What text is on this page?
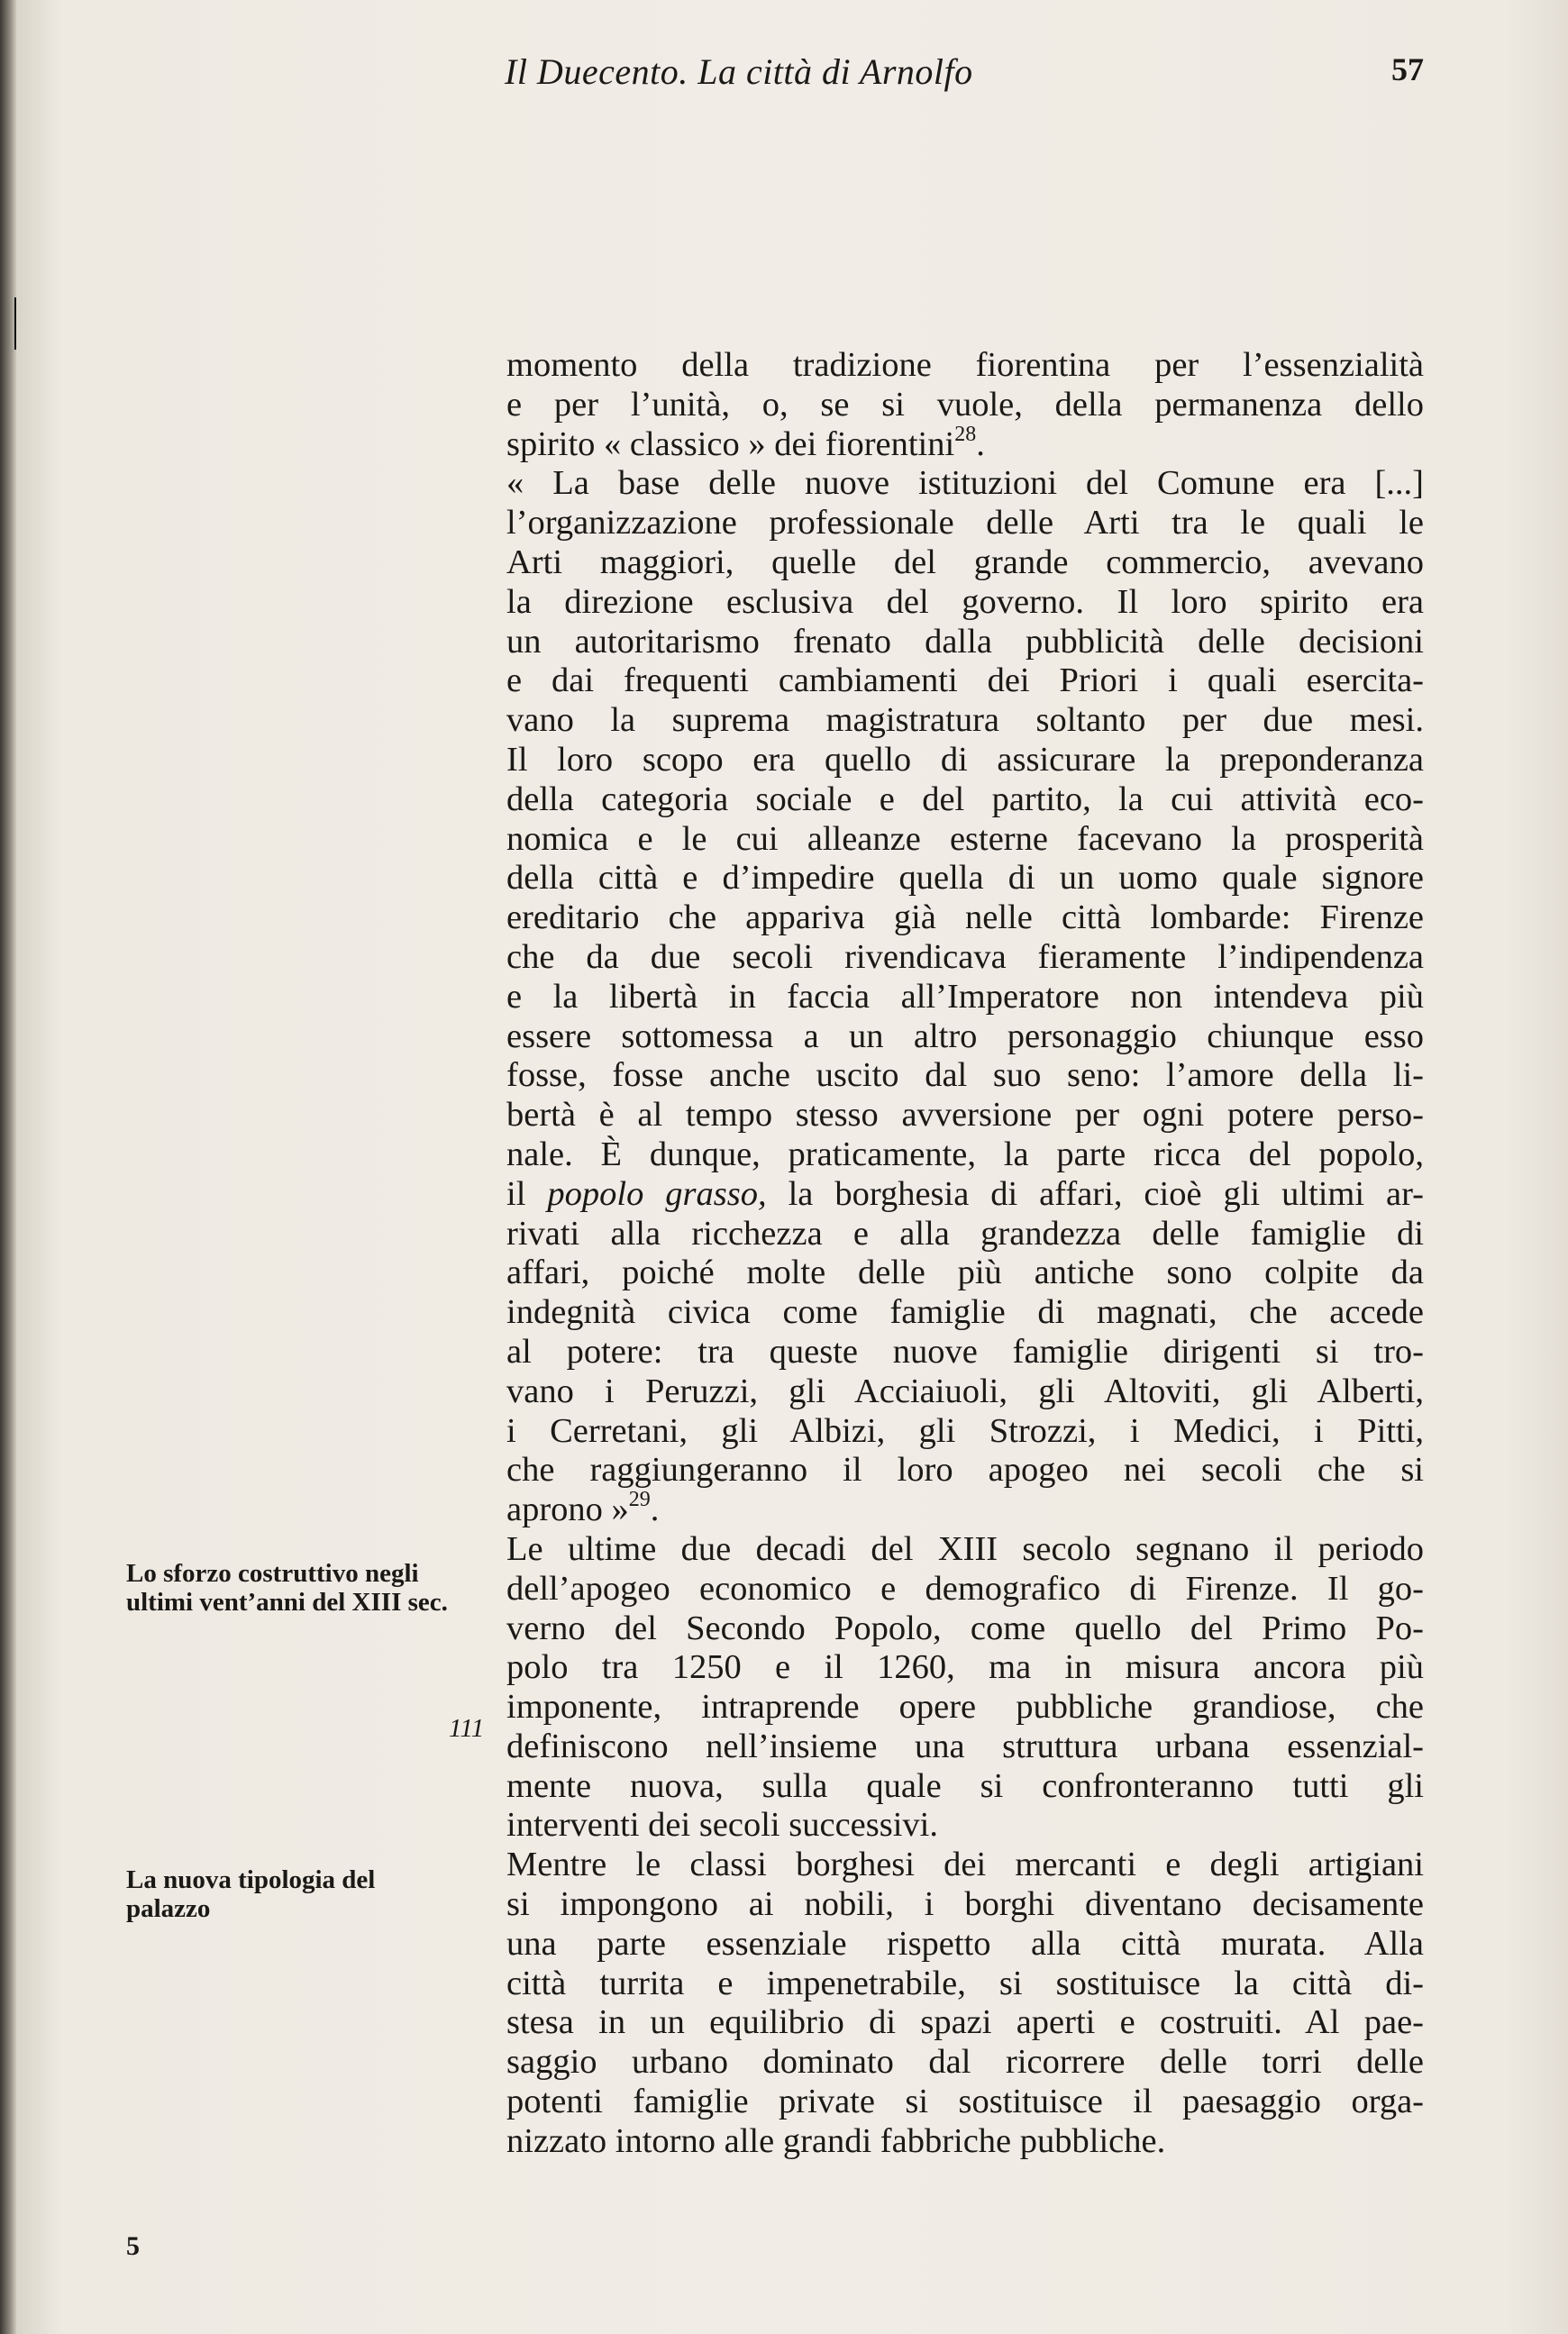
Il Duecento. La città di Arnolfo	57
Lo sforzo costruttivo negli ultimi vent’anni del XIII sec.
La nuova tipologia del palazzo
111
momento della tradizione fiorentina per l’essenzialità
e per l’unità, o, se si vuole, della permanenza dello
spirito « classico » dei fiorentini$^{28}$.
« La base delle nuove istituzioni del Comune era [...]
l’organizzazione professionale delle Arti tra le quali le
Arti maggiori, quelle del grande commercio, avevano
la direzione esclusiva del governo. Il loro spirito era
un autoritarismo frenato dalla pubblicità delle decisioni
e dai frequenti cambiamenti dei Priori i quali esercita-
vano la suprema magistratura soltanto per due mesi.
Il loro scopo era quello di assicurare la preponderanza
della categoria sociale e del partito, la cui attività eco-
nomica e le cui alleanze esterne facevano la prosperità
della città e d’impedire quella di un uomo quale signore
ereditario che appariva già nelle città lombarde: Firenze
che da due secoli rivendicava fieramente l’indipendenza
e la libertà in faccia all’Imperatore non intendeva più
essere sottomessa a un altro personaggio chiunque esso
fosse, fosse anche uscito dal suo seno: l’amore della li-
bertà è al tempo stesso avversione per ogni potere perso-
nale. È dunque, praticamente, la parte ricca del popolo,
il popolo grasso, la borghesia di affari, cioè gli ultimi ar-
rivati alla ricchezza e alla grandezza delle famiglie di
affari, poiché molte delle più antiche sono colpite da
indegnità civica come famiglie di magnati, che accede
al potere: tra queste nuove famiglie dirigenti si tro-
vano i Peruzzi, gli Acciaiuoli, gli Altoviti, gli Alberti,
i Cerretani, gli Albizi, gli Strozzi, i Medici, i Pitti,
che raggiungeranno il loro apogeo nei secoli che si
aprono »$^{29}$.
Le ultime due decadi del XIII secolo segnano il periodo
dell’apogeo economico e demografico di Firenze. Il go-
verno del Secondo Popolo, come quello del Primo Po-
polo tra 1250 e il 1260, ma in misura ancora più
imponente, intraprende opere pubbliche grandiose, che
definiscono nell’insieme una struttura urbana essenzial-
mente nuova, sulla quale si confronteranno tutti gli
interventi dei secoli successivi.
Mentre le classi borghesi dei mercanti e degli artigiani
si impongono ai nobili, i borghi diventano decisamente
una parte essenziale rispetto alla città murata. Alla
città turrita e impenetrabile, si sostituisce la città di-
stesa in un equilibrio di spazi aperti e costruiti. Al pae-
saggio urbano dominato dal ricorrere delle torri delle
potenti famiglie private si sostituisce il paesaggio orga-
nizzato intorno alle grandi fabbriche pubbliche.
5
